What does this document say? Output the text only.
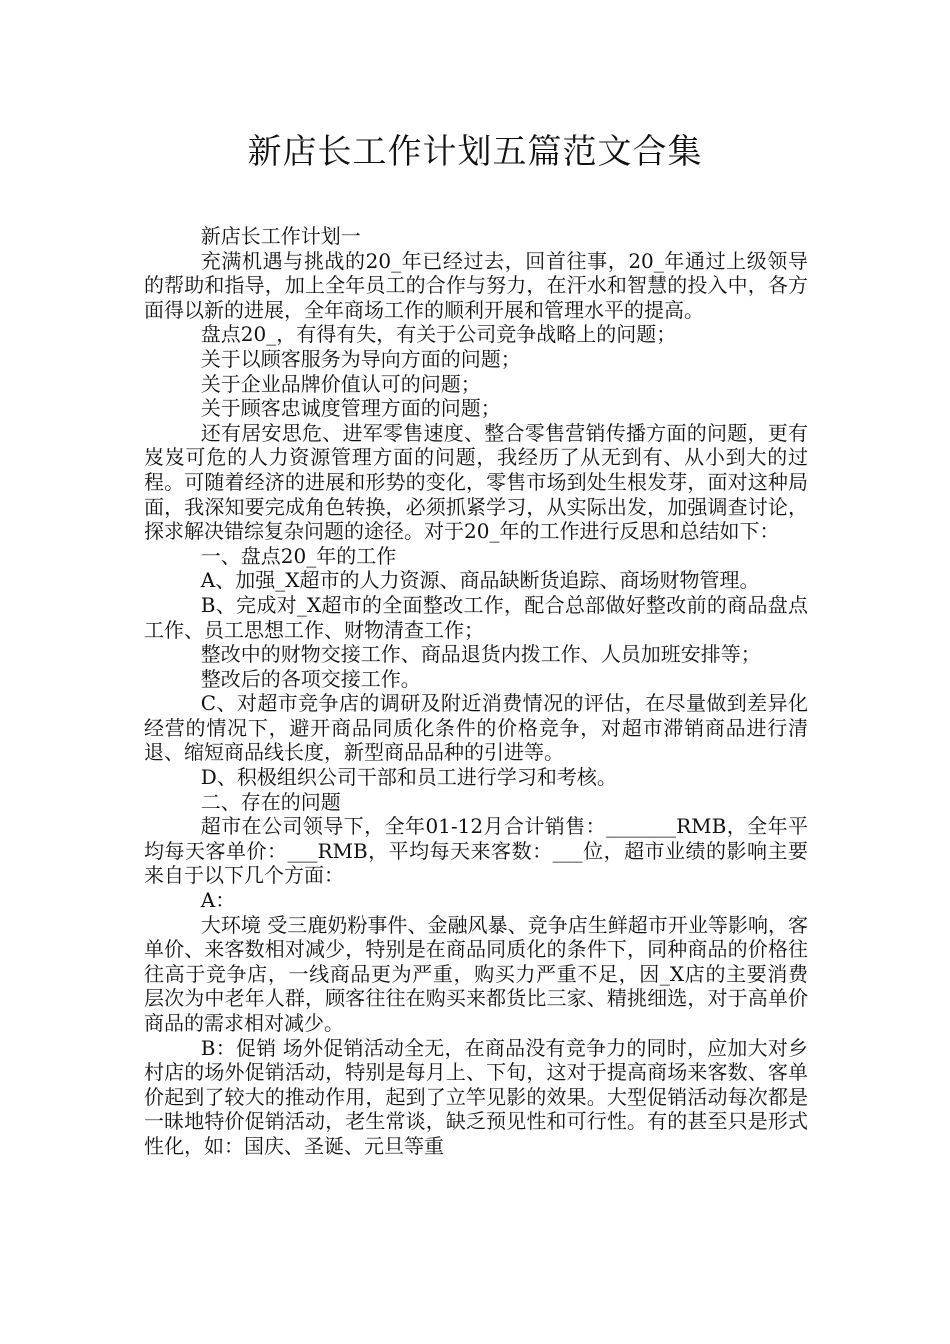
新店长工作计划五篇范文合集

新店长工作计划一

充满机遇与挑战的20_年已经过去，回首往事，20_年通过上级领导的帮助和指导，加上全年员工的合作与努力，在汗水和智慧的投入中，各方面得以新的进展，全年商场工作的顺利开展和管理水平的提高。

盘点20_，有得有失，有关于公司竞争战略上的问题；

关于以顾客服务为导向方面的问题；

关于企业品牌价值认可的问题；

关于顾客忠诚度管理方面的问题；

还有居安思危、进军零售速度、整合零售营销传播方面的问题，更有岌岌可危的人力资源管理方面的问题，我经历了从无到有、从小到大的过程。可随着经济的进展和形势的变化，零售市场到处生根发芽，面对这种局面，我深知要完成角色转换，必须抓紧学习，从实际出发，加强调查讨论，探求解决错综复杂问题的途径。对于20_年的工作进行反思和总结如下：

一、盘点20_年的工作

A、加强_X超市的人力资源、商品缺断货追踪、商场财物管理。

B、完成对_X超市的全面整改工作，配合总部做好整改前的商品盘点工作、员工思想工作、财物清查工作；

整改中的财物交接工作、商品退货内拨工作、人员加班安排等；

整改后的各项交接工作。

C、对超市竞争店的调研及附近消费情况的评估，在尽量做到差异化经营的情况下，避开商品同质化条件的价格竞争，对超市滞销商品进行清退、缩短商品线长度，新型商品品种的引进等。

D、积极组织公司干部和员工进行学习和考核。

二、存在的问题

超市在公司领导下，全年01-12月合计销售：_______RMB，全年平均每天客单价：___RMB，平均每天来客数：___位，超市业绩的影响主要来自于以下几个方面：

A：

大环境 受三鹿奶粉事件、金融风暴、竞争店生鲜超市开业等影响，客单价、来客数相对减少，特别是在商品同质化的条件下，同种商品的价格往往高于竞争店，一线商品更为严重，购买力严重不足，因_X店的主要消费层次为中老年人群，顾客往往在购买来都货比三家、精挑细选，对于高单价商品的需求相对减少。

B：促销 场外促销活动全无，在商品没有竞争力的同时，应加大对乡村店的场外促销活动，特别是每月上、下旬，这对于提高商场来客数、客单价起到了较大的推动作用，起到了立竿见影的效果。大型促销活动每次都是一昧地特价促销活动，老生常谈，缺乏预见性和可行性。有的甚至只是形式性化，如：国庆、圣诞、元旦等重
